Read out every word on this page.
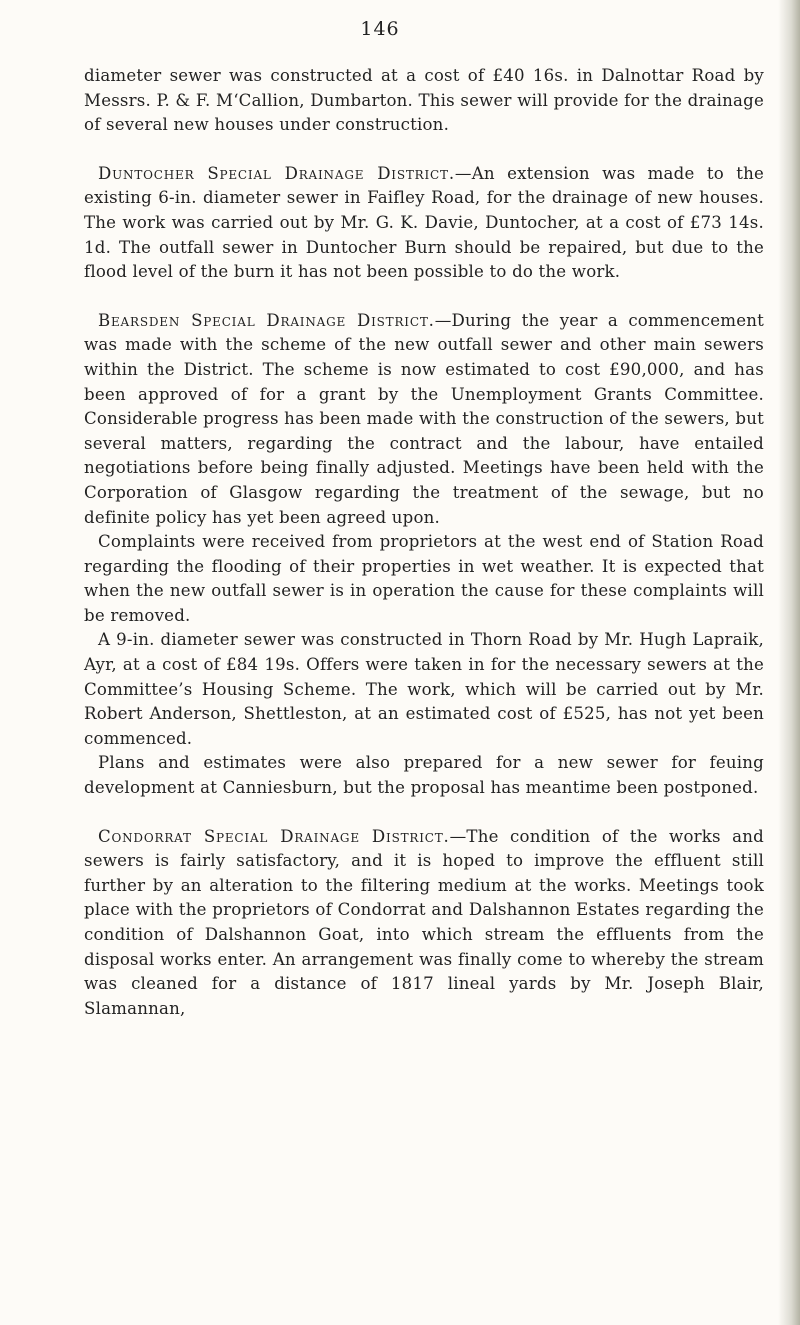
146

diameter sewer was constructed at a cost of £40 16s. in Dalnottar Road by Messrs. P. & F. M‘Callion, Dumbarton. This sewer will provide for the drainage of several new houses under construction.

Duntocher Special Drainage District.—An extension was made to the existing 6-in. diameter sewer in Faifley Road, for the drainage of new houses. The work was carried out by Mr. G. K. Davie, Duntocher, at a cost of £73 14s. 1d. The outfall sewer in Duntocher Burn should be repaired, but due to the flood level of the burn it has not been possible to do the work.

Bearsden Special Drainage District.—During the year a commencement was made with the scheme of the new outfall sewer and other main sewers within the District. The scheme is now estimated to cost £90,000, and has been approved of for a grant by the Unemployment Grants Committee. Considerable progress has been made with the construction of the sewers, but several matters, regarding the contract and the labour, have entailed negotiations before being finally adjusted. Meetings have been held with the Corporation of Glasgow regarding the treatment of the sewage, but no definite policy has yet been agreed upon.

Complaints were received from proprietors at the west end of Station Road regarding the flooding of their properties in wet weather. It is expected that when the new outfall sewer is in operation the cause for these complaints will be removed.

A 9-in. diameter sewer was constructed in Thorn Road by Mr. Hugh Lapraik, Ayr, at a cost of £84 19s. Offers were taken in for the necessary sewers at the Committee’s Housing Scheme. The work, which will be carried out by Mr. Robert Anderson, Shettleston, at an estimated cost of £525, has not yet been commenced.

Plans and estimates were also prepared for a new sewer for feuing development at Canniesburn, but the proposal has meantime been postponed.

Condorrat Special Drainage District.—The condition of the works and sewers is fairly satisfactory, and it is hoped to improve the effluent still further by an alteration to the filtering medium at the works. Meetings took place with the proprietors of Condorrat and Dalshannon Estates regarding the condition of Dalshannon Goat, into which stream the effluents from the disposal works enter. An arrangement was finally come to whereby the stream was cleaned for a distance of 1817 lineal yards by Mr. Joseph Blair, Slamannan,
